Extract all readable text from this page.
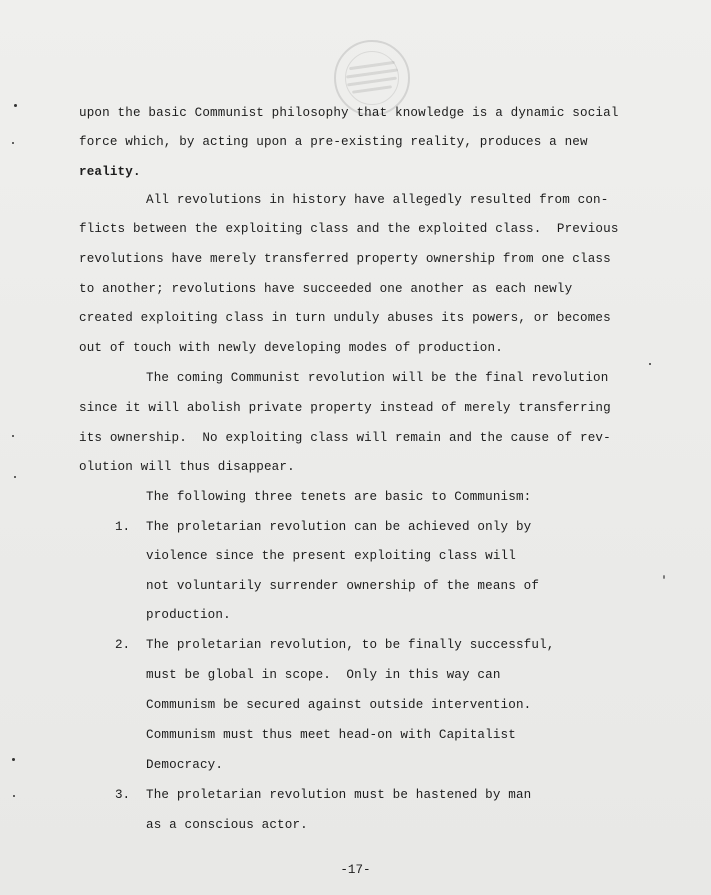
upon the basic Communist philosophy that knowledge is a dynamic social
force which, by acting upon a pre-existing reality, produces a new
reality.
All revolutions in history have allegedly resulted from con-
flicts between the exploiting class and the exploited class.  Previous
revolutions have merely transferred property ownership from one class
to another; revolutions have succeeded one another as each newly
created exploiting class in turn unduly abuses its powers, or becomes
out of touch with newly developing modes of production.
The coming Communist revolution will be the final revolution
since it will abolish private property instead of merely transferring
its ownership.  No exploiting class will remain and the cause of rev-
olution will thus disappear.
The following three tenets are basic to Communism:
1. The proletarian revolution can be achieved only by
violence since the present exploiting class will
not voluntarily surrender ownership of the means of
production.
2. The proletarian revolution, to be finally successful,
must be global in scope.  Only in this way can
Communism be secured against outside intervention.
Communism must thus meet head-on with Capitalist
Democracy.
3. The proletarian revolution must be hastened by man
as a conscious actor.
-17-
